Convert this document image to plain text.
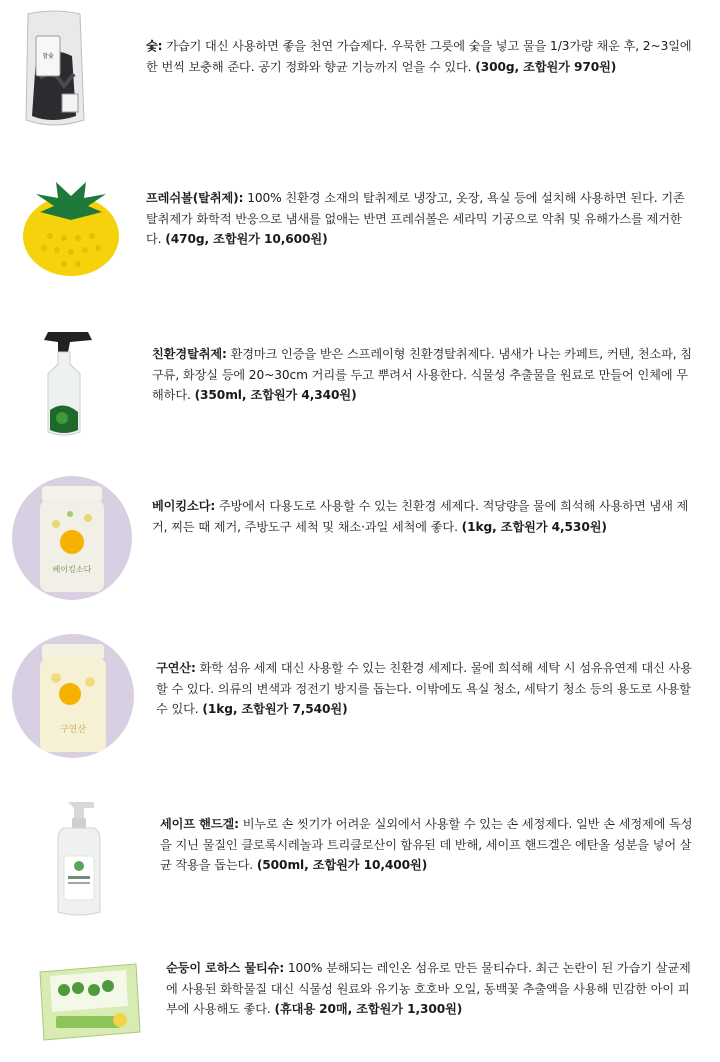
참숯
숯: 가습기 대신 사용하면 좋을 천연 가습제다. 우묵한 그릇에 숯을 넣고 물을 1/3가량 채운 후, 2~3일에 한 번씩 보충해 준다. 공기 정화와 향균 기능까지 얻을 수 있다. (300g, 조합원가 970원)
프레쉬볼(탈취제): 100% 친환경 소재의 탈취제로 냉장고, 옷장, 욕실 등에 설치해 사용하면 된다. 기존 탈취제가 화학적 반응으로 냄새를 없애는 반면 프레쉬볼은 세라믹 기공으로 악취 및 유해가스를 제거한다. (470g, 조합원가 10,600원)
친환경탈취제: 환경마크 인증을 받은 스프레이형 친환경탈취제다. 냄새가 나는 카페트, 커텐, 천소파, 침구류, 화장실 등에 20~30cm 거리를 두고 뿌려서 사용한다. 식물성 추출물을 원료로 만들어 인체에 무해하다. (350ml, 조합원가 4,340원)
베이킹소다
베이킹소다: 주방에서 다용도로 사용할 수 있는 친환경 세제다. 적당량을 물에 희석해 사용하면 냄새 제거, 찌든 때 제거, 주방도구 세척 및 채소·과일 세척에 좋다. (1kg, 조합원가 4,530원)
구연산
구연산: 화학 섬유 세제 대신 사용할 수 있는 친환경 세제다. 물에 희석해 세탁 시 섬유유연제 대신 사용할 수 있다. 의류의 변색과 정전기 방지를 돕는다. 이밖에도 욕실 청소, 세탁기 청소 등의 용도로 사용할 수 있다. (1kg, 조합원가 7,540원)
세이프 핸드겔: 비누로 손 씻기가 어려운 실외에서 사용할 수 있는 손 세정제다. 일반 손 세정제에 독성을 지닌 물질인 클로록시레놀과 트리클로산이 함유된 데 반해, 세이프 핸드겔은 에탄올 성분을 넣어 살균 작용을 돕는다. (500ml, 조합원가 10,400원)
순둥이 로하스 물티슈: 100% 분해되는 레인온 섬유로 만든 물티슈다. 최근 논란이 된 가습기 살균제에 사용된 화학물질 대신 식물성 원료와 유기농 호호바 오일, 동백꽃 추출액을 사용해 민감한 아이 피부에 사용해도 좋다. (휴대용 20매, 조합원가 1,300원)
